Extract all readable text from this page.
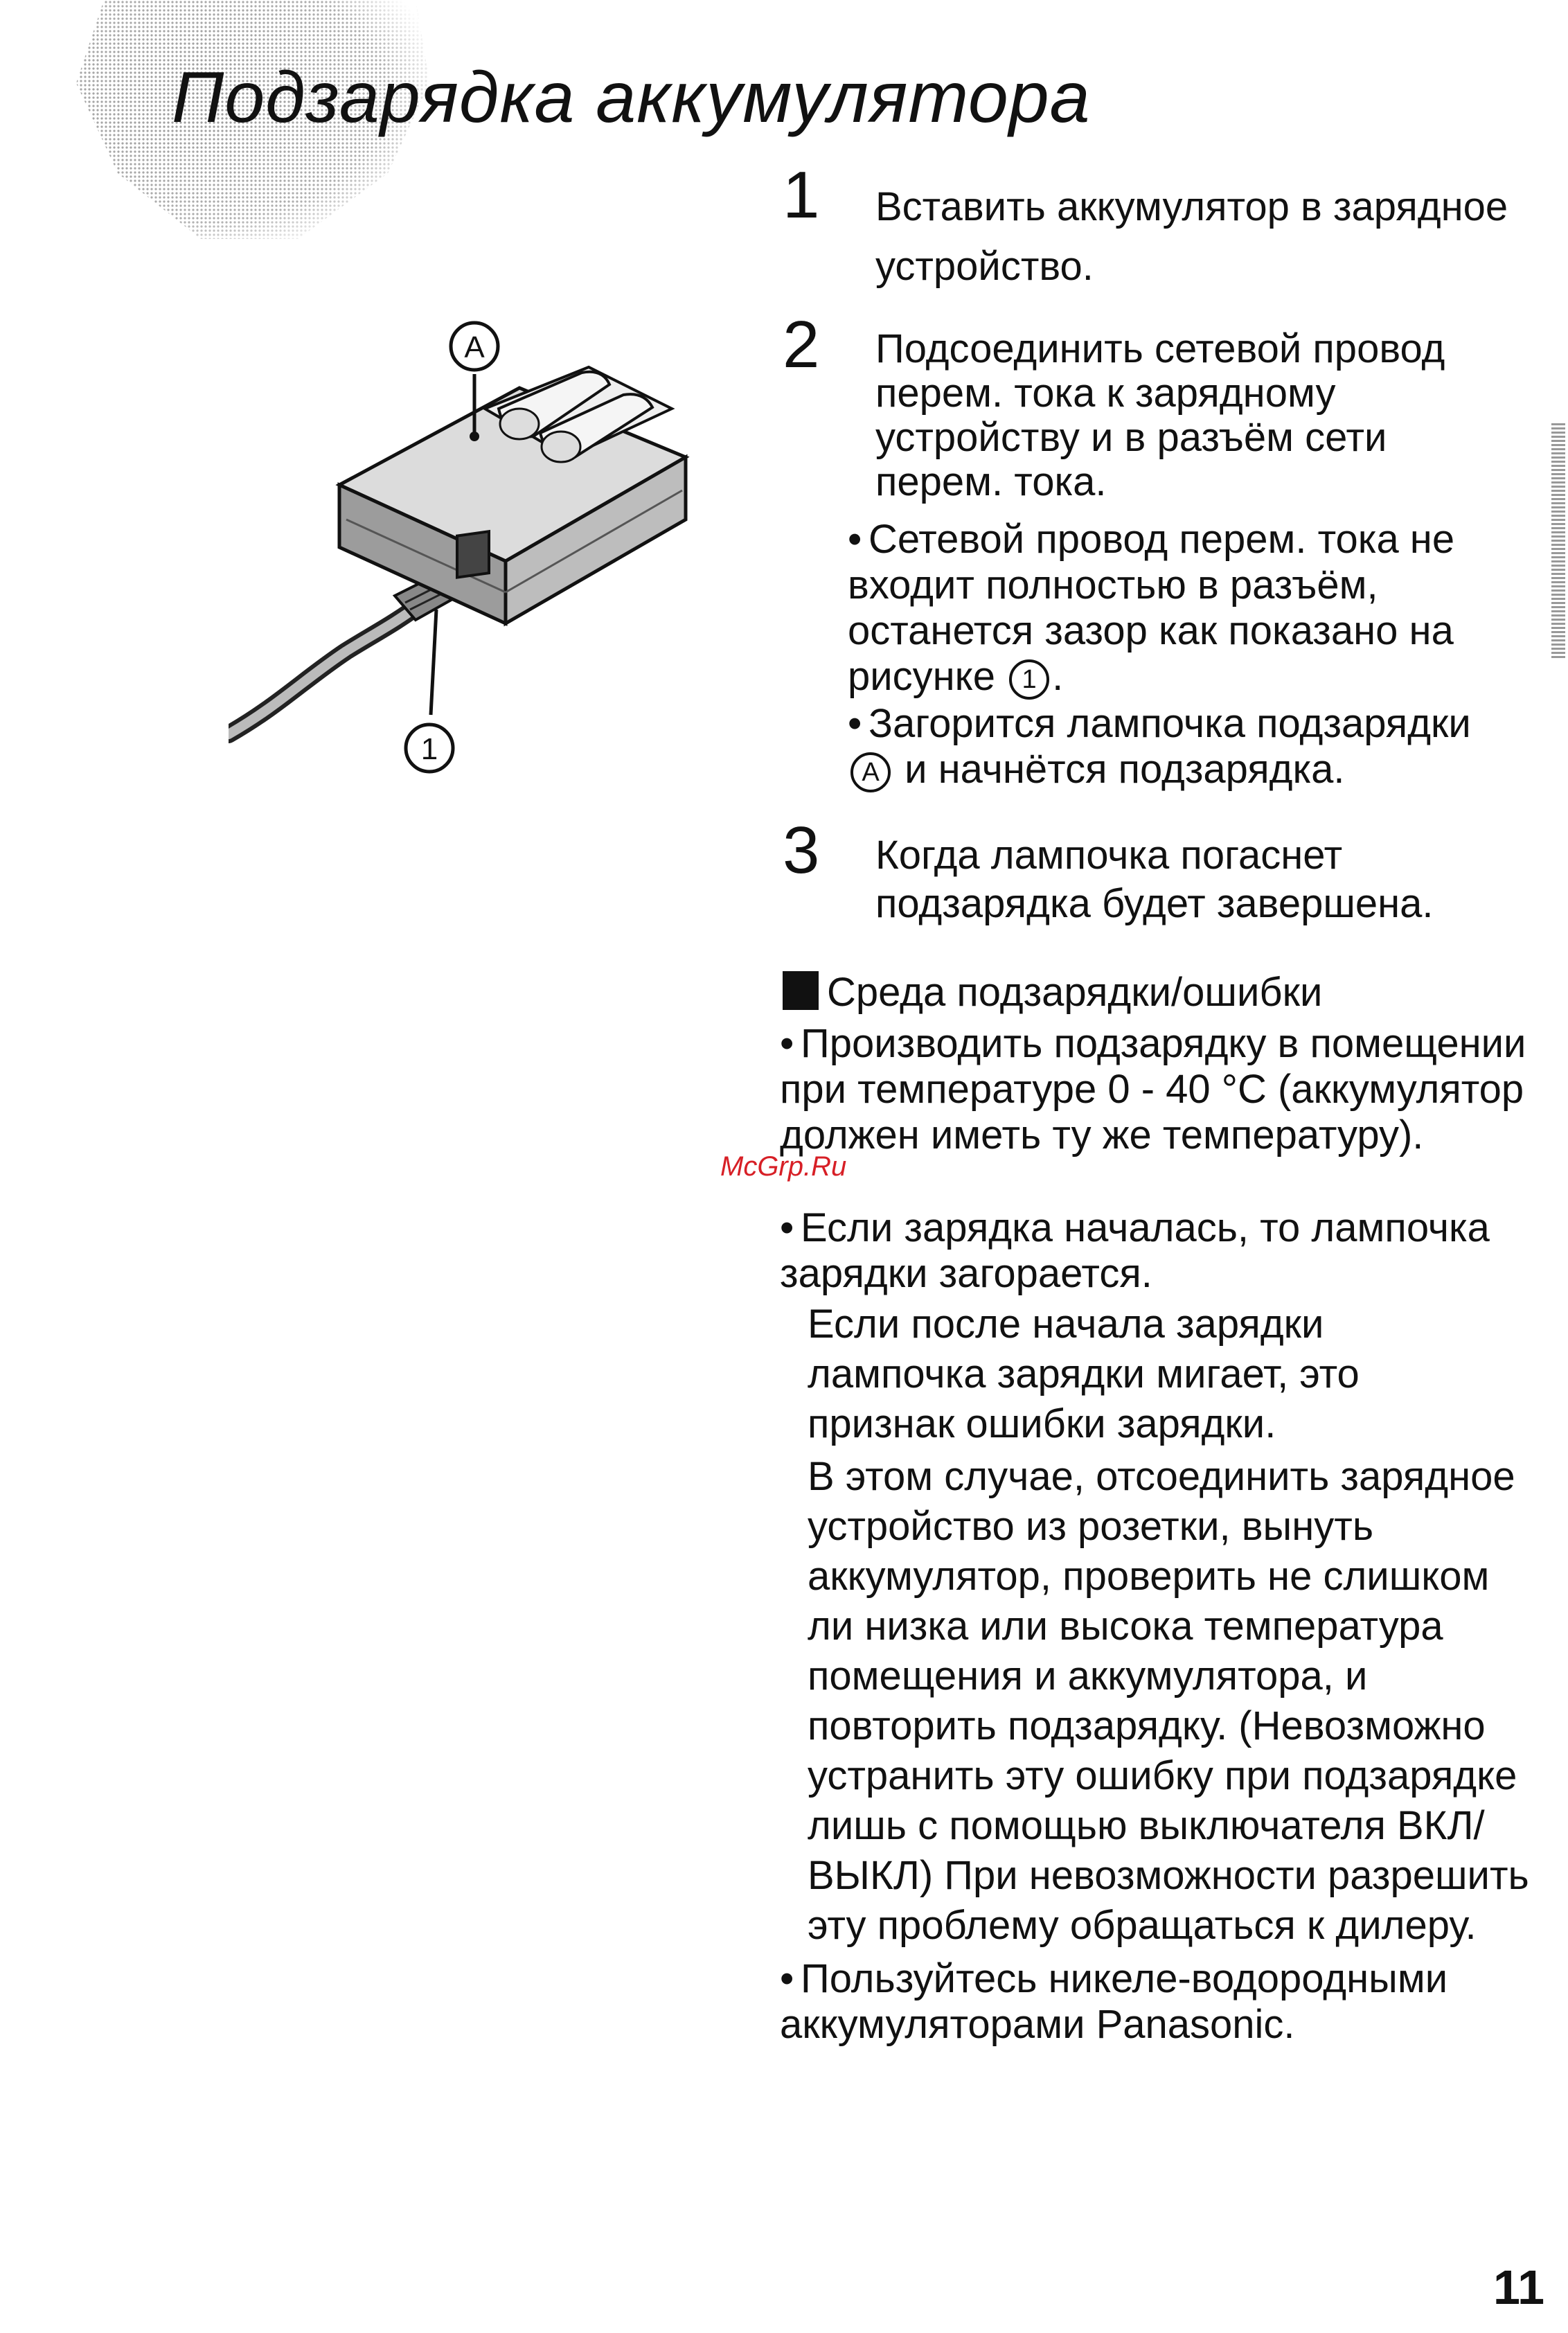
Подзарядка аккумулятора
A
1
1 Вставить аккумулятор в зарядное устройство.
2 Подсоединить сетевой провод перем. тока к зарядному устройству и в разъём сети перем. тока.
• Сетевой провод перем. тока не входит полностью в разъём, останется зазор как показано на рисунке 1 .
• Загорится лампочка подзарядки A и начнётся подзарядка.
3 Когда лампочка погаснет подзарядка будет завершена.
Среда подзарядки/ошибки
• Производить подзарядку в помещении при температуре 0 - 40 °C (аккумулятор должен иметь ту же температуру).
• Если зарядка началась, то лампочка зарядки загорается.
Если после начала зарядки лампочка зарядки мигает, это признак ошибки зарядки.
В этом случае, отсоединить зарядное устройство из розетки, вынуть аккумулятор, проверить не слишком ли низка или высока температура помещения и аккумулятора, и повторить подзарядку. (Невозможно устранить эту ошибку при подзарядке лишь с помощью выключателя ВКЛ/ ВЫКЛ) При невозможности разрешить эту проблему обращаться к дилеру.
• Пользуйтесь никеле-водородными аккумуляторами Panasonic.
McGrp.Ru
11
